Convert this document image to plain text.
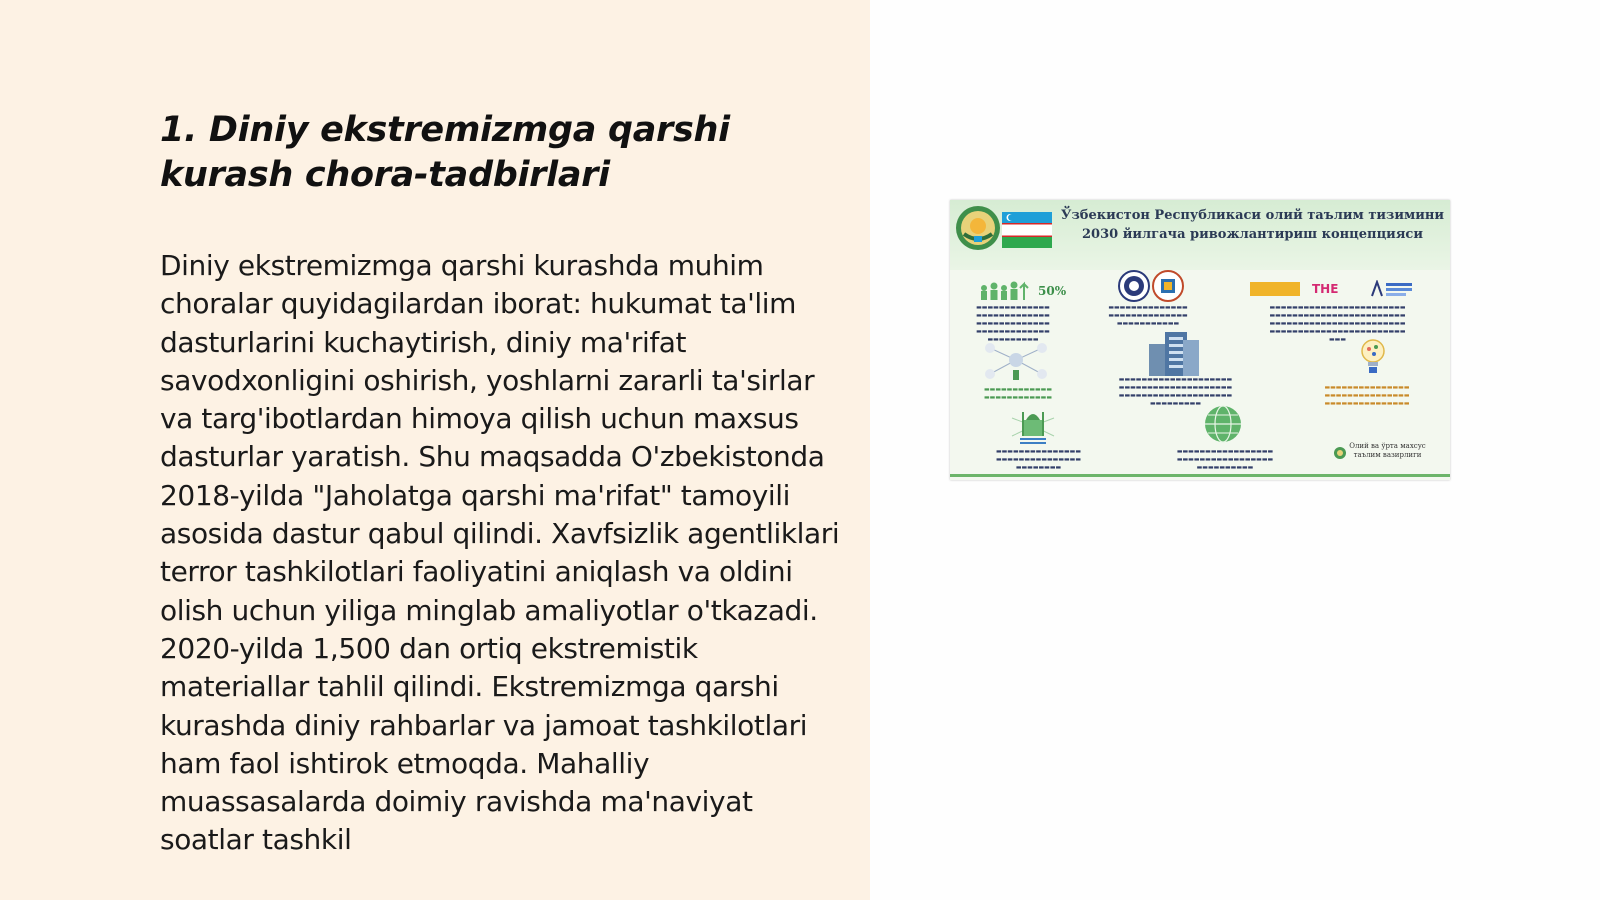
1. Diniy ekstremizmga qarshi kurash chora-tadbirlari

Diniy ekstremizmga qarshi kurashda muhim choralar quyidagilardan iborat: hukumat ta'lim dasturlarini kuchaytirish, diniy ma'rifat savodxonligini oshirish, yoshlarni zararli ta'sirlar va targ'ibotlardan himoya qilish uchun maxsus dasturlar yaratish. Shu maqsadda O'zbekistonda 2018-yilda "Jaholatga qarshi ma'rifat" tamoyili asosida dastur qabul qilindi. Xavfsizlik agentliklari terror tashkilotlari faoliyatini aniqlash va oldini olish uchun yiliga minglab amaliyotlar o'tkazadi. 2020-yilda 1,500 dan ortiq ekstremistik materiallar tahlil qilindi. Ekstremizmga qarshi kurashda diniy rahbarlar va jamoat tashkilotlari ham faol ishtirok etmoqda. Mahalliy muassasalarda doimiy ravishda ma'naviyat soatlar tashkil

Ўзбекистон Республикаси олий таълим тизимини 2030 йилгача ривожлантириш концепцияси
50%
▬▬▬▬▬▬▬▬▬▬▬▬▬
▬▬▬▬▬▬▬▬▬▬▬▬▬
▬▬▬▬▬▬▬▬▬▬▬▬▬
▬▬▬▬▬▬▬▬▬▬▬▬▬
▬▬▬▬▬▬▬▬▬
▬▬▬▬▬▬▬▬▬▬▬▬▬▬
▬▬▬▬▬▬▬▬▬▬▬▬▬▬
▬▬▬▬▬▬▬▬▬▬▬
THE
▬▬▬▬▬▬▬▬▬▬▬▬▬▬▬▬▬▬▬▬▬▬▬▬
▬▬▬▬▬▬▬▬▬▬▬▬▬▬▬▬▬▬▬▬▬▬▬▬
▬▬▬▬▬▬▬▬▬▬▬▬▬▬▬▬▬▬▬▬▬▬▬▬
▬▬▬▬▬▬▬▬▬▬▬▬▬▬▬▬▬▬▬▬▬▬▬▬
▬▬▬
▬▬▬▬▬▬▬▬▬▬▬▬
▬▬▬▬▬▬▬▬▬▬▬▬
▬▬▬▬▬▬▬▬▬▬▬▬▬▬▬▬▬▬▬▬
▬▬▬▬▬▬▬▬▬▬▬▬▬▬▬▬▬▬▬▬
▬▬▬▬▬▬▬▬▬▬▬▬▬▬▬▬▬▬▬▬
▬▬▬▬▬▬▬▬▬
▬▬▬▬▬▬▬▬▬▬▬▬▬▬▬
▬▬▬▬▬▬▬▬▬▬▬▬▬▬▬
▬▬▬▬▬▬▬▬▬▬▬▬▬▬▬
▬▬▬▬▬▬▬▬▬▬▬▬▬▬▬
▬▬▬▬▬▬▬▬▬▬▬▬▬▬▬
▬▬▬▬▬▬▬▬
▬▬▬▬▬▬▬▬▬▬▬▬▬▬▬▬▬
▬▬▬▬▬▬▬▬▬▬▬▬▬▬▬▬▬
▬▬▬▬▬▬▬▬▬▬
Олий ва ўрта махсус таълим вазирлиги
